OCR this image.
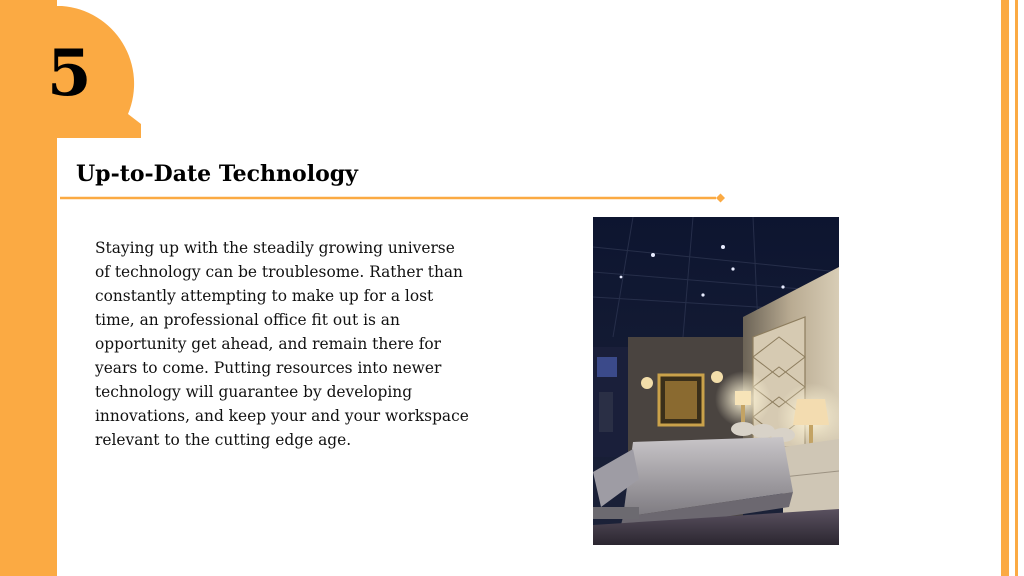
5
Up-to-Date Technology

Staying up with the steadily growing universe
of technology can be troublesome. Rather than
constantly attempting to make up for a lost
time, an professional office fit out is an
opportunity get ahead, and remain there for
years to come. Putting resources into newer
technology will guarantee by developing
innovations, and keep your and your workspace
relevant to the cutting edge age.
